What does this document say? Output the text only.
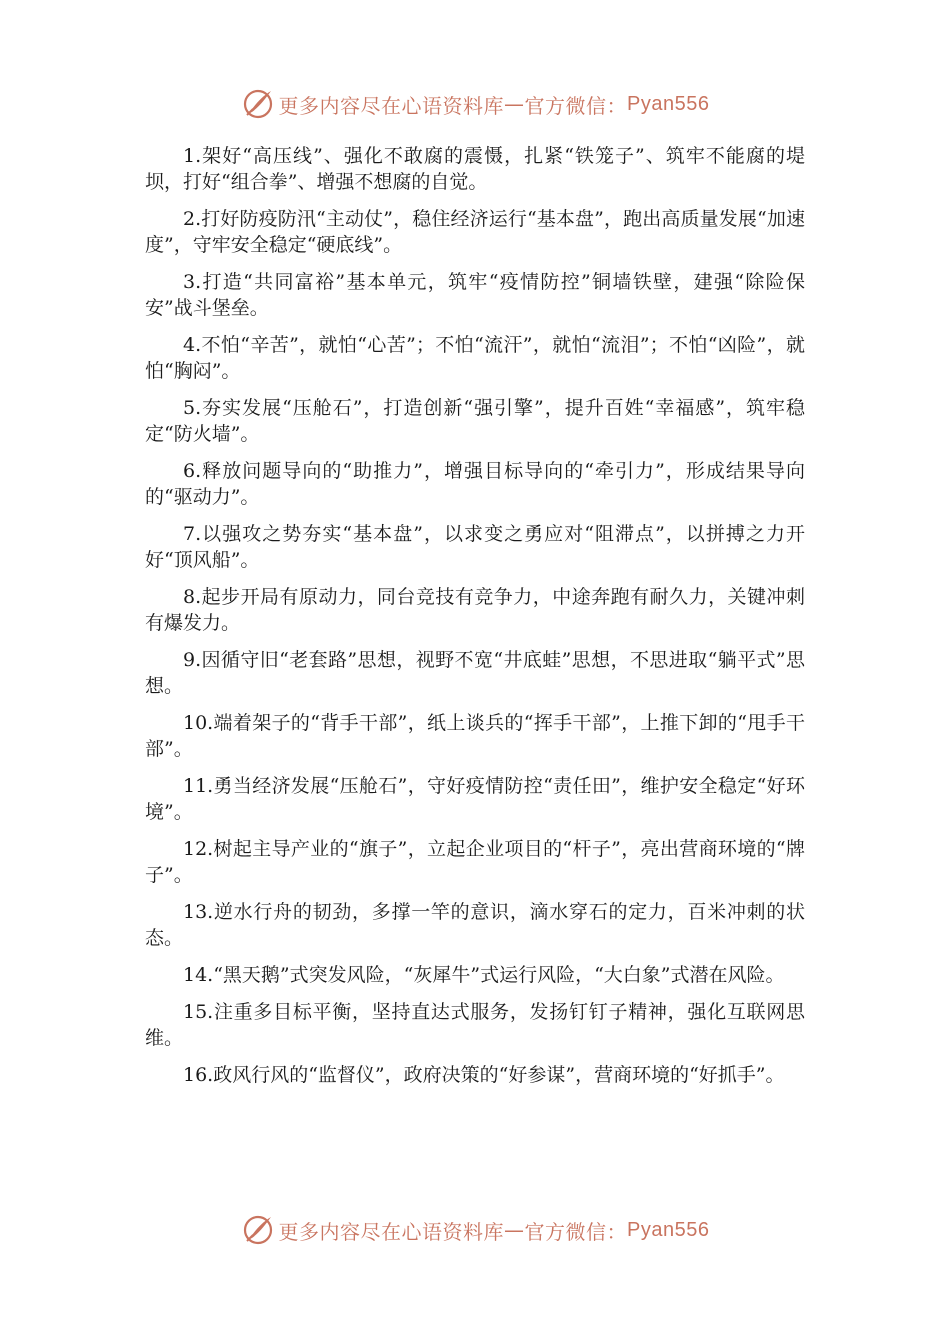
更多内容尽在心语资料库 — 官方微信： Pyan556

1.架好“高压线”、强化不敢腐的震慑，扎紧“铁笼子”、筑牢不能腐的堤坝，打好“组合拳”、增强不想腐的自觉。

2.打好防疫防汛“主动仗”，稳住经济运行“基本盘”，跑出高质量发展“加速度”，守牢安全稳定“硬底线”。

3.打造“共同富裕”基本单元，筑牢“疫情防控”铜墙铁壁，建强“除险保安”战斗堡垒。

4.不怕“辛苦”，就怕“心苦”；不怕“流汗”，就怕“流泪”；不怕“凶险”，就怕“胸闷”。

5.夯实发展“压舱石”，打造创新“强引擎”，提升百姓“幸福感”，筑牢稳定“防火墙”。

6.释放问题导向的“助推力”，增强目标导向的“牵引力”，形成结果导向的“驱动力”。

7.以强攻之势夯实“基本盘”，以求变之勇应对“阻滞点”，以拼搏之力开好“顶风船”。

8.起步开局有原动力，同台竞技有竞争力，中途奔跑有耐久力，关键冲刺有爆发力。

9.因循守旧“老套路”思想，视野不宽“井底蛙”思想，不思进取“躺平式”思想。

10.端着架子的“背手干部”，纸上谈兵的“挥手干部”，上推下卸的“甩手干部”。

11.勇当经济发展“压舱石”，守好疫情防控“责任田”，维护安全稳定“好环境”。

12.树起主导产业的“旗子”，立起企业项目的“杆子”，亮出营商环境的“牌子”。

13.逆水行舟的韧劲，多撑一竿的意识，滴水穿石的定力，百米冲刺的状态。

14.“黑天鹅”式突发风险，“灰犀牛”式运行风险，“大白象”式潜在风险。

15.注重多目标平衡，坚持直达式服务，发扬钉钉子精神，强化互联网思维。

16.政风行风的“监督仪”，政府决策的“好参谋”，营商环境的“好抓手”。

更多内容尽在心语资料库 — 官方微信： Pyan556
